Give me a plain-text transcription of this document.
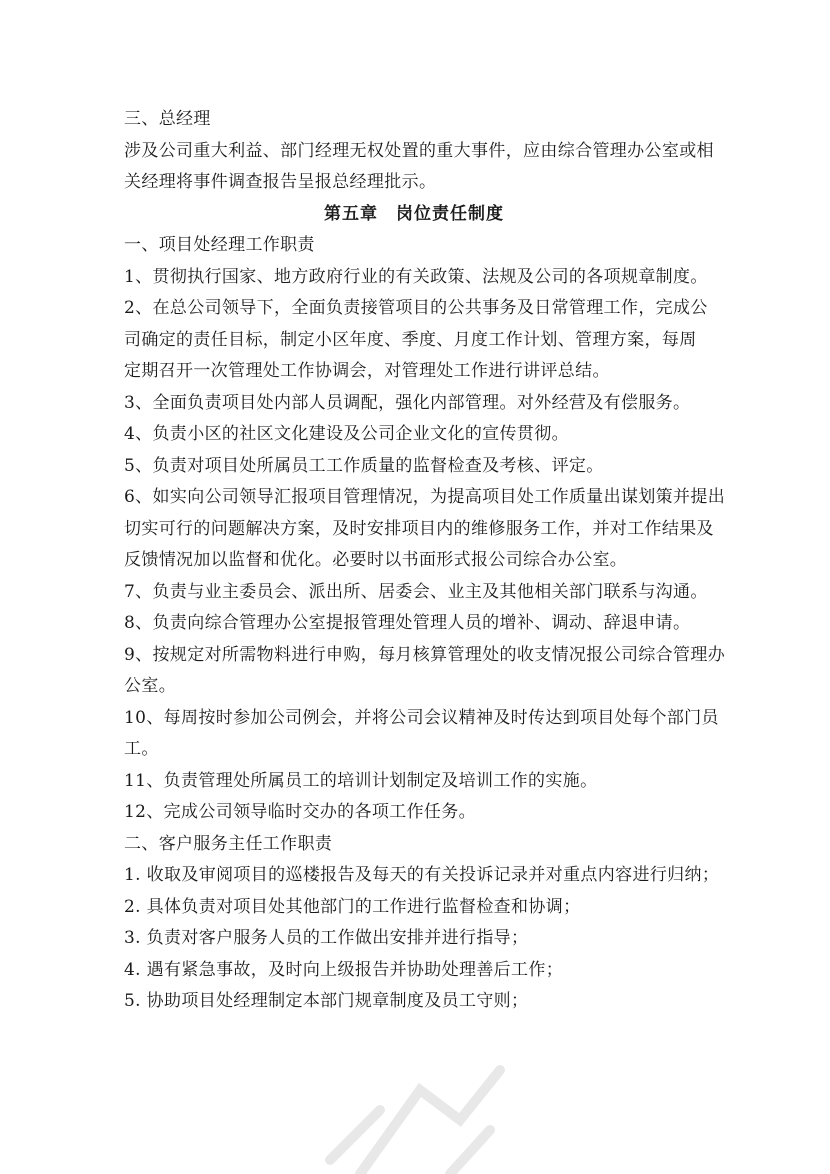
三、总经理
涉及公司重大利益、部门经理无权处置的重大事件，应由综合管理办公室或相
关经理将事件调查报告呈报总经理批示。
第五章　岗位责任制度
一、项目处经理工作职责
1、贯彻执行国家、地方政府行业的有关政策、法规及公司的各项规章制度。
2、在总公司领导下，全面负责接管项目的公共事务及日常管理工作，完成公
司确定的责任目标，制定小区年度、季度、月度工作计划、管理方案，每周
定期召开一次管理处工作协调会，对管理处工作进行讲评总结。
3、全面负责项目处内部人员调配，强化内部管理。对外经营及有偿服务。
4、负责小区的社区文化建设及公司企业文化的宣传贯彻。
5、负责对项目处所属员工工作质量的监督检查及考核、评定。
6、如实向公司领导汇报项目管理情况，为提高项目处工作质量出谋划策并提出
切实可行的问题解决方案，及时安排项目内的维修服务工作，并对工作结果及
反馈情况加以监督和优化。必要时以书面形式报公司综合办公室。
7、负责与业主委员会、派出所、居委会、业主及其他相关部门联系与沟通。
8、负责向综合管理办公室提报管理处管理人员的增补、调动、辞退申请。
9、按规定对所需物料进行申购，每月核算管理处的收支情况报公司综合管理办
公室。
10、每周按时参加公司例会，并将公司会议精神及时传达到项目处每个部门员
工。
11、负责管理处所属员工的培训计划制定及培训工作的实施。
12、完成公司领导临时交办的各项工作任务。
二、客户服务主任工作职责
1. 收取及审阅项目的巡楼报告及每天的有关投诉记录并对重点内容进行归纳；
2. 具体负责对项目处其他部门的工作进行监督检查和协调；
3. 负责对客户服务人员的工作做出安排并进行指导；
4. 遇有紧急事故，及时向上级报告并协助处理善后工作；
5. 协助项目处经理制定本部门规章制度及员工守则；
